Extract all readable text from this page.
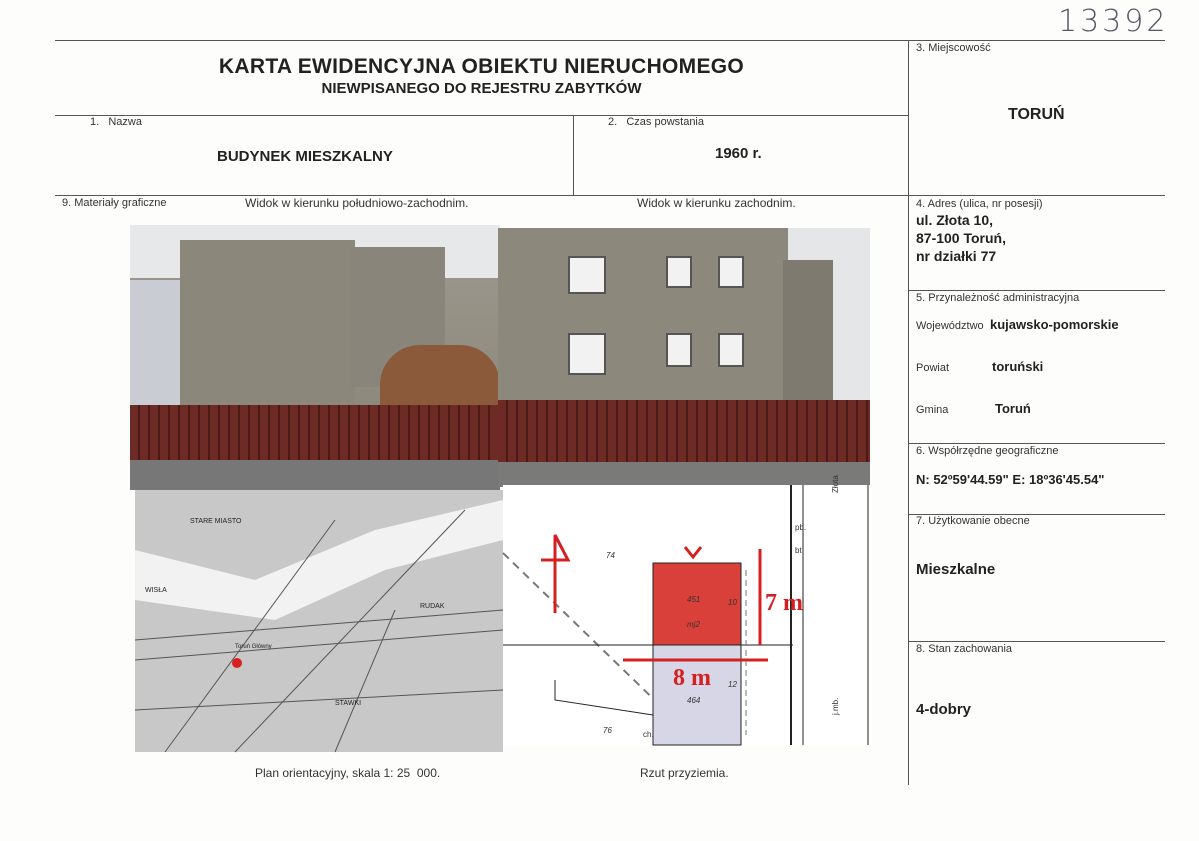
13392
KARTA EWIDENCYJNA OBIEKTU NIERUCHOMEGO
NIEWPISANEGO DO REJESTRU ZABYTKÓW
1.   Nazwa
BUDYNEK MIESZKALNY
2.   Czas powstania
1960 r.
3. Miejscowość
TORUŃ
4. Adres (ulica, nr posesji)
ul. Złota 10,
87-100 Toruń,
nr działki 77
5. Przynależność administracyjna
Województwo kujawsko-pomorskie
Powiat	toruński
Gmina	Toruń
6. Współrzędne geograficzne
N: 52º59'44.59" E: 18º36'45.54"
7. Użytkowanie obecne
Mieszkalne
8. Stan zachowania
4-dobry
9. Materiały graficzne	Widok w kierunku południowo-zachodnim.	Widok w kierunku zachodnim.
STARE MIASTO
WISŁA
Toruń Główny
RUDAK
STAWKI
74
76
451
mj2
10
464
12
8 m
7 m
pb.
bt
ch.
j.mb.
Złota
Plan orientacyjny, skala 1: 25  000.	Rzut przyziemia.
